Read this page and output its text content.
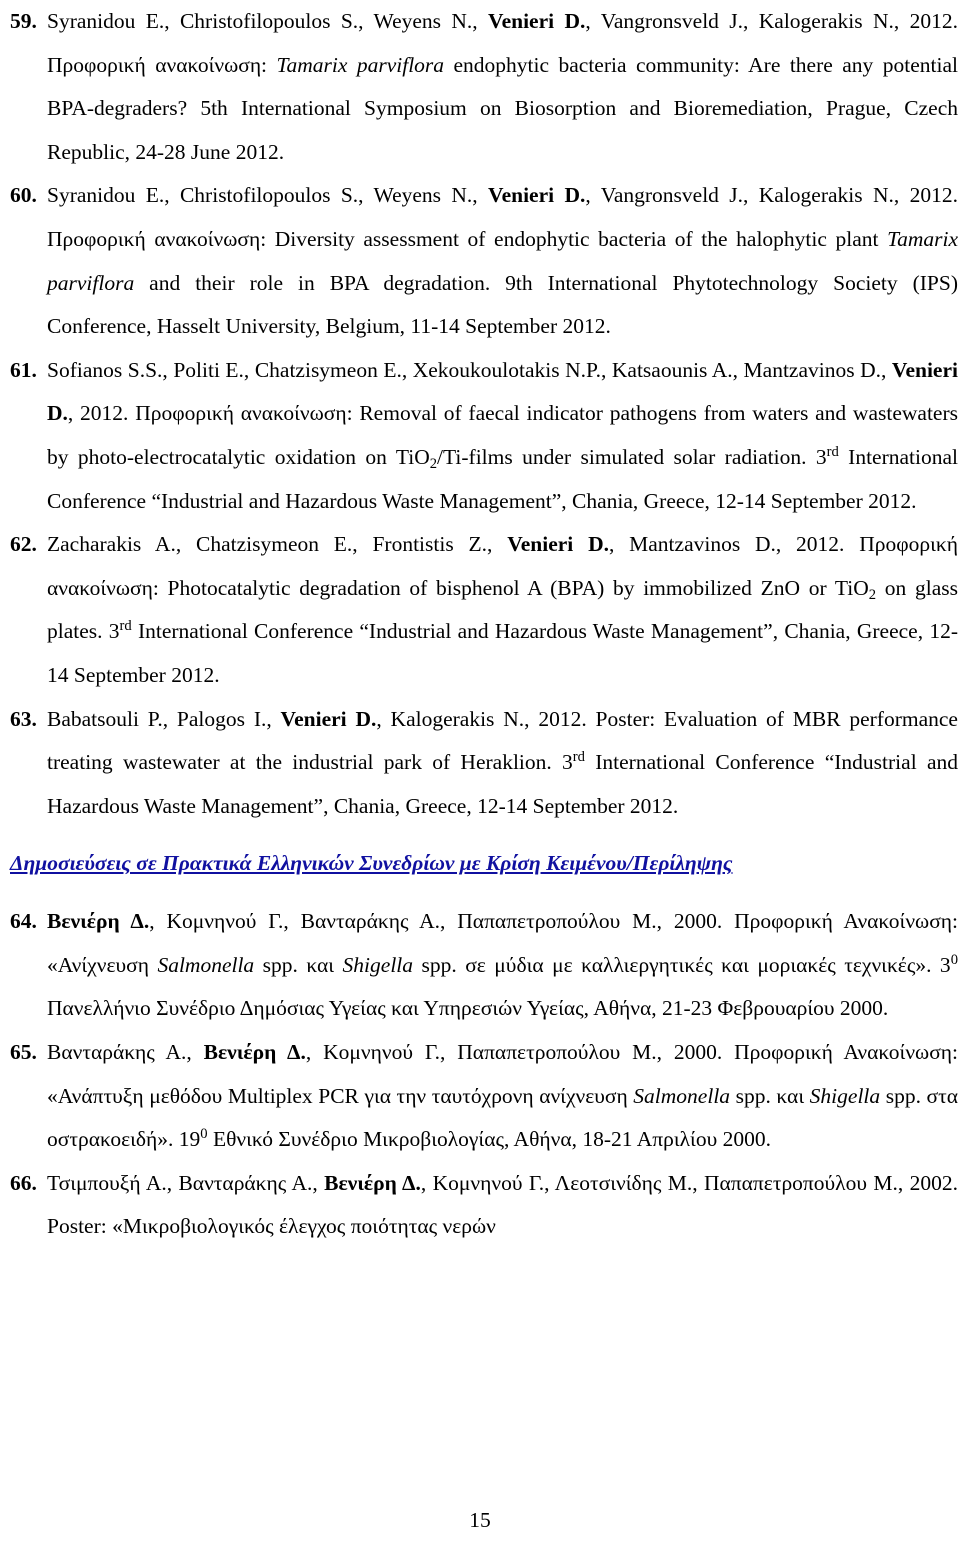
59. Syranidou E., Christofilopoulos S., Weyens N., Venieri D., Vangronsveld J., Kalogerakis N., 2012. Προφορική ανακοίνωση: Tamarix parviflora endophytic bacteria community: Are there any potential BPA-degraders? 5th International Symposium on Biosorption and Bioremediation, Prague, Czech Republic, 24-28 June 2012.
60. Syranidou E., Christofilopoulos S., Weyens N., Venieri D., Vangronsveld J., Kalogerakis N., 2012. Προφορική ανακοίνωση: Diversity assessment of endophytic bacteria of the halophytic plant Tamarix parviflora and their role in BPA degradation. 9th International Phytotechnology Society (IPS) Conference, Hasselt University, Belgium, 11-14 September 2012.
61. Sofianos S.S., Politi E., Chatzisymeon E., Xekoukoulotakis N.P., Katsaounis A., Mantzavinos D., Venieri D., 2012. Προφορική ανακοίνωση: Removal of faecal indicator pathogens from waters and wastewaters by photo-electrocatalytic oxidation on TiO$_2$/Ti-films under simulated solar radiation. 3rd International Conference “Industrial and Hazardous Waste Management”, Chania, Greece, 12-14 September 2012.
62. Zacharakis A., Chatzisymeon E., Frontistis Z., Venieri D., Mantzavinos D., 2012. Προφορική ανακοίνωση: Photocatalytic degradation of bisphenol A (BPA) by immobilized ZnO or TiO$_2$ on glass plates. 3rd International Conference “Industrial and Hazardous Waste Management”, Chania, Greece, 12-14 September 2012.
63. Babatsouli P., Palogos I., Venieri D., Kalogerakis N., 2012. Poster: Evaluation of MBR performance treating wastewater at the industrial park of Heraklion. 3rd International Conference “Industrial and Hazardous Waste Management”, Chania, Greece, 12-14 September 2012.
Δημοσιεύσεις σε Πρακτικά Ελληνικών Συνεδρίων με Κρίση Κειμένου/Περίληψης
64. Βενιέρη Δ., Κομνηνού Γ., Βανταράκης Α., Παπαπετροπούλου Μ., 2000. Προφορική Ανακοίνωση: «Ανίχνευση Salmonella spp. και Shigella spp. σε μύδια με καλλιεργητικές και μοριακές τεχνικές». $3^0$ Πανελλήνιο Συνέδριο Δημόσιας Υγείας και Υπηρεσιών Υγείας, Αθήνα, 21-23 Φεβρουαρίου 2000.
65. Βανταράκης Α., Βενιέρη Δ., Κομνηνού Γ., Παπαπετροπούλου Μ., 2000. Προφορική Ανακοίνωση: «Ανάπτυξη μεθόδου Multiplex PCR για την ταυτόχρονη ανίχνευση Salmonella spp. και Shigella spp. στα οστρακοειδή». $19^0$ Εθνικό Συνέδριο Μικροβιολογίας, Αθήνα, 18-21 Απριλίου 2000.
66. Τσιμπουξή Α., Βανταράκης Α., Βενιέρη Δ., Κομνηνού Γ., Λεοτσινίδης Μ., Παπαπετροπούλου Μ., 2002. Poster: «Μικροβιολογικός έλεγχος ποιότητας νερών
15
